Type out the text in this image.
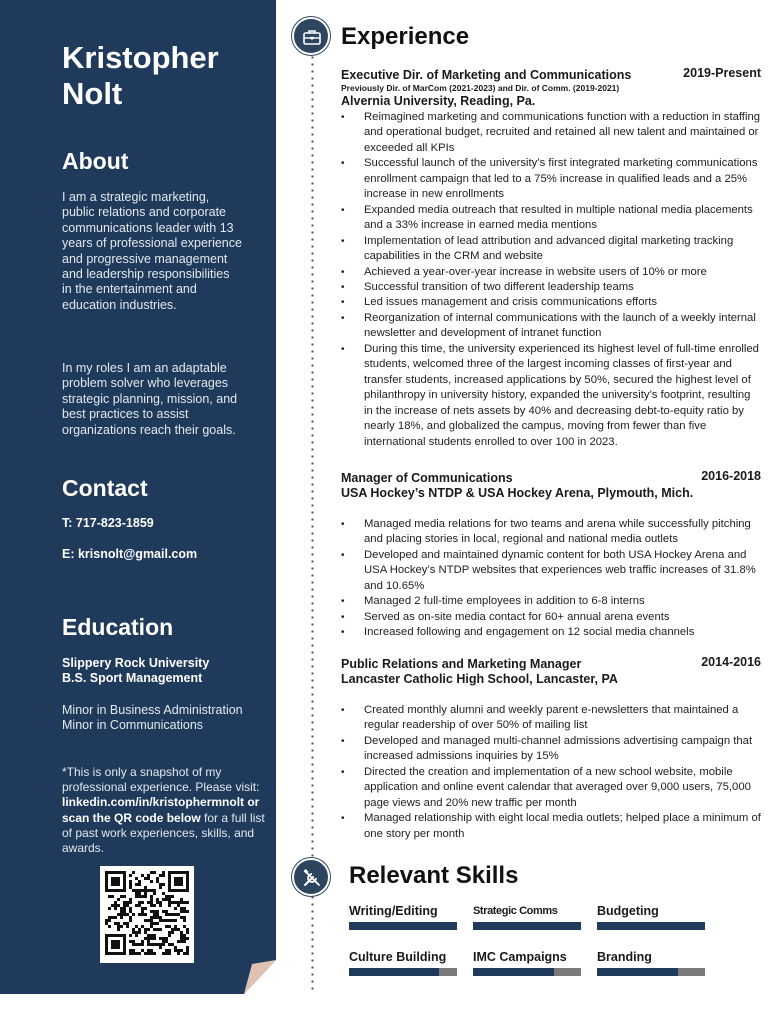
Kristopher Nolt
About
I am a strategic marketing, public relations and corporate communications leader with 13 years of professional experience and progressive management and leadership responsibilities in the entertainment and education industries.
In my roles I am an adaptable problem solver who leverages strategic planning, mission, and best practices to assist organizations reach their goals.
Contact
T: 717-823-1859
E: krisnolt@gmail.com
Education
Slippery Rock University
B.S. Sport Management
Minor in Business Administration
Minor in Communications
*This is only a snapshot of my professional experience. Please visit: linkedin.com/in/kristophermnolt or scan the QR code below for a full list of past work experiences, skills, and awards.
Experience
Executive Dir. of Marketing and Communications	2019-Present
Previously Dir. of MarCom (2021-2023) and Dir. of Comm. (2019-2021)
Alvernia University, Reading, Pa.
• Reimagined marketing and communications function with a reduction in staffing and operational budget, recruited and retained all new talent and maintained or exceeded all KPIs
• Successful launch of the university’s first integrated marketing communications enrollment campaign that led to a 75% increase in qualified leads and a 25% increase in new enrollments
• Expanded media outreach that resulted in multiple national media placements and a 33% increase in earned media mentions
• Implementation of lead attribution and advanced digital marketing tracking capabilities in the CRM and website
• Achieved a year-over-year increase in website users of 10% or more
• Successful transition of two different leadership teams
• Led issues management and crisis communications efforts
• Reorganization of internal communications with the launch of a weekly internal newsletter and development of intranet function
• During this time, the university experienced its highest level of full-time enrolled students, welcomed three of the largest incoming classes of first-year and transfer students, increased applications by 50%, secured the highest level of philanthropy in university history, expanded the university’s footprint, resulting in the increase of nets assets by 40% and decreasing debt-to-equity ratio by nearly 18%, and globalized the campus, moving from fewer than five international students enrolled to over 100 in 2023.
Manager of Communications	2016-2018
USA Hockey’s NTDP & USA Hockey Arena, Plymouth, Mich.
• Managed media relations for two teams and arena while successfully pitching and placing stories in local, regional and national media outlets
• Developed and maintained dynamic content for both USA Hockey Arena and USA Hockey’s NTDP websites that experiences web traffic increases of 31.8% and 10.65%
• Managed 2 full-time employees in addition to 6-8 interns
• Served as on-site media contact for 60+ annual arena events
• Increased following and engagement on 12 social media channels
Public Relations and Marketing Manager	2014-2016
Lancaster Catholic High School, Lancaster, PA
• Created monthly alumni and weekly parent e-newsletters that maintained a regular readership of over 50% of mailing list
• Developed and managed multi-channel admissions advertising campaign that increased admissions inquiries by 15%
• Directed the creation and implementation of a new school website, mobile application and online event calendar that averaged over 9,000 users, 75,000 page views and 20% new traffic per month
• Managed relationship with eight local media outlets; helped place a minimum of one story per month
Relevant Skills
Writing/Editing	Strategic Comms	Budgeting
Culture Building	IMC Campaigns	Branding
